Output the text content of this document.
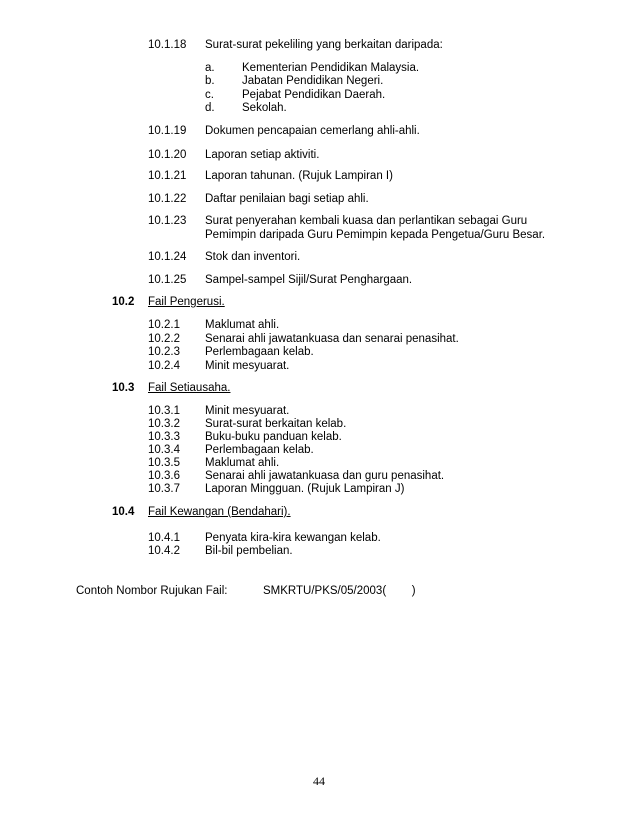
10.1.18 Surat-surat pekeliling yang berkaitan daripada:
a. Kementerian Pendidikan Malaysia.
b. Jabatan Pendidikan Negeri.
c. Pejabat Pendidikan Daerah.
d. Sekolah.
10.1.19 Dokumen pencapaian cemerlang ahli-ahli.
10.1.20 Laporan setiap aktiviti.
10.1.21 Laporan tahunan. (Rujuk Lampiran I)
10.1.22 Daftar penilaian bagi setiap ahli.
10.1.23 Surat penyerahan kembali kuasa dan perlantikan sebagai Guru
Pemimpin daripada Guru Pemimpin kepada Pengetua/Guru Besar.
10.1.24 Stok dan inventori.
10.1.25 Sampel-sampel Sijil/Surat Penghargaan.
10.2 Fail Pengerusi.
10.2.1 Maklumat ahli.
10.2.2 Senarai ahli jawatankuasa dan senarai penasihat.
10.2.3 Perlembagaan kelab.
10.2.4 Minit mesyuarat.
10.3 Fail Setiausaha.
10.3.1 Minit mesyuarat.
10.3.2 Surat-surat berkaitan kelab.
10.3.3 Buku-buku panduan kelab.
10.3.4 Perlembagaan kelab.
10.3.5 Maklumat ahli.
10.3.6 Senarai ahli jawatankuasa dan guru penasihat.
10.3.7 Laporan Mingguan. (Rujuk Lampiran J)
10.4 Fail Kewangan (Bendahari).
10.4.1 Penyata kira-kira kewangan kelab.
10.4.2 Bil-bil pembelian.
Contoh Nombor Rujukan Fail:	SMKRTU/PKS/05/2003(        )
44
